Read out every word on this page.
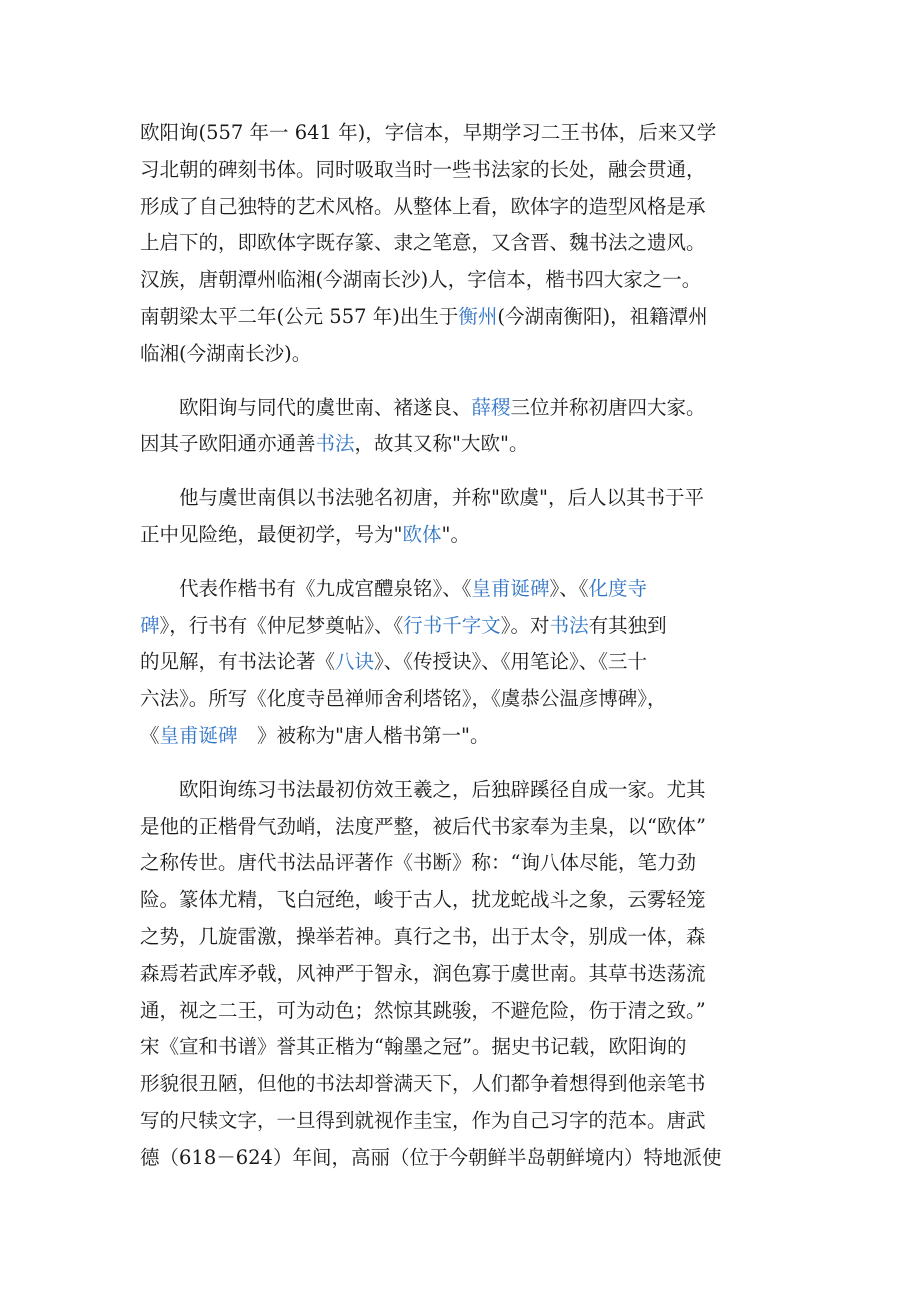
欧阳询(557 年一 641 年)，字信本，早期学习二王书体，后来又学
习北朝的碑刻书体。同时吸取当时一些书法家的长处，融会贯通，
形成了自己独特的艺术风格。从整体上看，欧体字的造型风格是承
上启下的，即欧体字既存篆、隶之笔意，又含晋、魏书法之遗风。
汉族，唐朝潭州临湘(今湖南长沙)人，字信本，楷书四大家之一。
南朝梁太平二年(公元 557 年)出生于衡州(今湖南衡阳)，祖籍潭州
临湘(今湖南长沙)。
　　欧阳询与同代的虞世南、褚遂良、薛稷三位并称初唐四大家。
因其子欧阳通亦通善书法，故其又称"大欧"。
　　他与虞世南俱以书法驰名初唐，并称"欧虞"，后人以其书于平
正中见险绝，最便初学，号为"欧体"。
　　代表作楷书有《九成宫醴泉铭》、《皇甫诞碑》、《化度寺
碑》，行书有《仲尼梦奠帖》、《行书千字文》。对书法有其独到
的见解，有书法论著《八诀》、《传授诀》、《用笔论》、《三十
六法》。所写《化度寺邑禅师舍利塔铭》，《虞恭公温彦博碑》，
《皇甫诞碑　》被称为"唐人楷书第一"。
　　欧阳询练习书法最初仿效王羲之，后独辟蹊径自成一家。尤其
是他的正楷骨气劲峭，法度严整，被后代书家奉为圭臬，以“欧体”
之称传世。唐代书法品评著作《书断》称：“询八体尽能，笔力劲
险。篆体尤精，飞白冠绝，峻于古人，扰龙蛇战斗之象，云雾轻笼
之势，几旋雷激，操举若神。真行之书，出于太令，别成一体，森
森焉若武库矛戟，风神严于智永，润色寡于虞世南。其草书迭荡流
通，视之二王，可为动色；然惊其跳骏，不避危险，伤于清之致。”
宋《宣和书谱》誉其正楷为“翰墨之冠”。据史书记载，欧阳询的
形貌很丑陋，但他的书法却誉满天下，人们都争着想得到他亲笔书
写的尺犊文字，一旦得到就视作圭宝，作为自己习字的范本。唐武
德（618－624）年间，高丽（位于今朝鲜半岛朝鲜境内）特地派使
